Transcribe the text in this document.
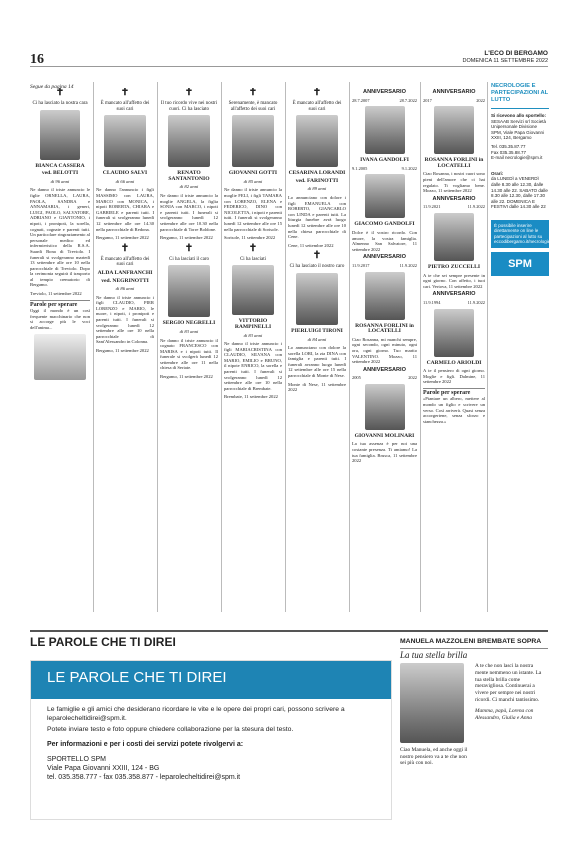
16	L'ECO DI BERGAMO
DOMENICA 11 SETTEMBRE 2022
Segue da pagina 14
✝
Ci ha lasciato la nostra cara
BIANCA CASSERA
ved. BELOTTI
di 96 anni

Ne danno il triste annuncio le figlie ORNELLA, LAURA, PAOLA, SANDRA e ANNAMARIA, i generi, LUIGI, PAOLO, SALVATORE, ADRIANO e GIANTONIO, i nipoti, i pronipoti, la sorella, cognati, cognate e parenti tutti. Un particolare ringraziamento al personale medico ed infermieristico della R.S.A. Suardi Bona di Treviolo. I funerali si svolgeranno martedì 13 settembre alle ore 10 nella parrocchiale di Treviolo. Dopo la cerimonia seguirà il trasporto al tempio crematorio di Bergamo.

Treviolo, 11 settembre 2022

Parole per sperare

Oggi il mondo è un così frequente macchinario che non si accorge più le voci dell'anima...

✝
È mancato all'affetto dei suoi cari
CLAUDIO SALVI
di 66 anni

Ne danno l'annuncio i figli MASSIMO con LAURA, MARCO con MONICA, i nipoti ROBERTA, CHIARA e GABRIELE e parenti tutti. I funerali si svolgeranno lunedì 12 settembre alle ore 14.30 nella parrocchiale di Redona.

Bergamo, 11 settembre 2022

✝
È mancato all'affetto dei suoi cari
ALDA LANFRANCHI
ved. NEGRINOTTI
di 86 anni

Ne danno il triste annuncio i figli CLAUDIO, PIER LORENZO e MARIO, le nuore, i nipoti, i pronipoti e parenti tutti. I funerali si svolgeranno lunedì 12 settembre alle ore 10 nella parrocchiale di Sant'Alessandro in Colonna.

Bergamo, 11 settembre 2022

✝
Il tuo ricordo vive nei nostri cuori. Ci ha lasciato
RENATO SANTANTONIO
di 82 anni

Ne danno il triste annuncio la moglie ANGELA, la figlia SONIA con MARCO, i nipoti e parenti tutti. I funerali si svolgeranno lunedì 12 settembre alle ore 10.30 nella parrocchiale di Torre Boldone.

Bergamo, 11 settembre 2022

✝
Ci ha lasciati il caro
SERGIO NEGRELLI
di 83 anni

Ne danno il triste annuncio il cognato FRANCESCO con MARISA e i nipoti tutti. Il funerale si svolgerà lunedì 12 settembre alle ore 11 nella chiesa di Seriate.

Bergamo, 11 settembre 2022

✝
Serenamente, è mancato all'affetto dei suoi cari
GIOVANNI GOTTI
di 85 anni

Ne danno il triste annuncio la moglie FELI, i figli TAMARA con LORENZO, ELENA e FEDERICO, DINO con NICOLETTA, i nipoti e parenti tutti. I funerali si svolgeranno lunedì 12 settembre alle ore 15 nella parrocchiale di Sorisole.

Sorisole, 11 settembre 2022

✝
Ci ha lasciati
VITTORIO RAMPINELLI
di 83 anni

Ne danno il triste annuncio i figli MARIACRISTINA con CLAUDIO, SILVANA con MARIO, EMILIO e BRUNO, il nipote ENRICO, la sorella e parenti tutti. I funerali si svolgeranno lunedì 12 settembre alle ore 10 nella parrocchiale di Brembate.

Brembate, 11 settembre 2022

✝
È mancato all'affetto dei suoi cari
CESARINA LORANDI
ved. FARINOTTI
di 89 anni

Lo annunciano con dolore i figli EMANUELA con ROBERTO, GIANCARLO con LINDA e parenti tutti. La liturgia funebre avrà luogo lunedì 12 settembre alle ore 10 nella chiesa parrocchiale di Cene.

Cene, 11 settembre 2022

✝
Ci ha lasciato il nostro caro
PIERLUIGI TIRONI
di 84 anni

Lo annunciano con dolore la sorella LORI, la zia DINA con famiglia e parenti tutti. I funerali avranno luogo lunedì 12 settembre alle ore 15 nella parrocchiale di Monte di Nese.

Monte di Nese, 11 settembre 2022

ANNIVERSARIO
28.7.2007	28.7.2022
IVANA GANDOLFI
9.1.2005	9.1.2022
GIACOMO GANDOLFI

Dolce è il vostro ricordo. Con amore, la vostra famiglia. Almenno San Salvatore, 11 settembre 2022

ANNIVERSARIO
11.9.2017	11.9.2022
ROSANNA FORLINI in LOCATELLI

Ciao Rosanna, mi manchi sempre, ogni secondo, ogni minuto, ogni ora, ogni giorno. Tuo marito VALENTINO. Mozzo, 11 settembre 2022

ANNIVERSARIO
2005	2022
GIOVANNI MOLINARI

La tua assenza è per noi una costante presenza. Ti amiamo! La tua famiglia. Brusca, 11 settembre 2022

ANNIVERSARIO
2017	2022
ROSANNA FORLINI in LOCATELLI

Ciao Rosanna, i nostri cuori sono pieni dell'amore che ci hai regalato. Ti vogliamo bene. Mozzo, 11 settembre 2022

ANNIVERSARIO
11.9.2021	11.9.2022
PIETRO ZUCCELLI

A te che sei sempre presente in ogni giorno. Con affetto, i tuoi cari. Vertova, 11 settembre 2022

ANNIVERSARIO
11.9.1994	11.9.2022
CARMELO ARIOLDI

A te il pensiero di ogni giorno. Moglie e figli. Dalmine, 11 settembre 2022

Parole per sperare

«Piantare un albero, mettere al mondo un figlio e scrivere un verso. Così arriverà. Quasi senza accorgertene, senza sforzo e stanchezza.»

NECROLOGIE E PARTECIPAZIONI AL LUTTO
Si ricevono allo sportello:
SESAAB Servizi srl Società Unipersonale Divisione SPM, Viale Papa Giovanni XXIII, 124, Bergamo
Tel. 035.35.87.77
Fax 035.35.88.77
E-mail necrologie@spm.it
Orari:
da LUNEDÌ a VENERDÌ dalle 8.30 alle 12.30, dalle 14.30 alle 22. SABATO dalle 8.30 alle 12.30, dalle 17.30 alle 22. DOMENICA E FESTIVI dalle 14.30 alle 22
È possibile inserire direttamente on line le partecipazioni al lutto su eccodibergamo.it/necrologie
SPM
LE PAROLE CHE TI DIREI
LE PAROLE CHE TI DIREI
Le famiglie e gli amici che desiderano ricordare le vite e le opere dei propri cari, possono scrivere a leparolecheltidirei@spm.it.
Potete inviare testo e foto oppure chiedere collaborazione per la stesura del testo.
Per informazioni e per i costi dei servizi potete rivolgervi a:
SPORTELLO SPM
Viale Papa Giovanni XXIII, 124 - BG
tel. 035.358.777 - fax 035.358.877 - leparolecheltidirei@spm.it
MANUELA MAZZOLENI BREMBATE SOPRA
La tua stella brilla
Ciao Manuela, ed anche oggi il nostro pensiero va a te che non sei più con noi.
A te che non lasci la nostra mente nemmeno un istante. La tua stella brilla come meravigliosa. Continuerai a vivere per sempre nei nostri ricordi. Ci manchi tantissimo.
Mamma, papà, Lorena con Alessandro, Giulia e Anna
